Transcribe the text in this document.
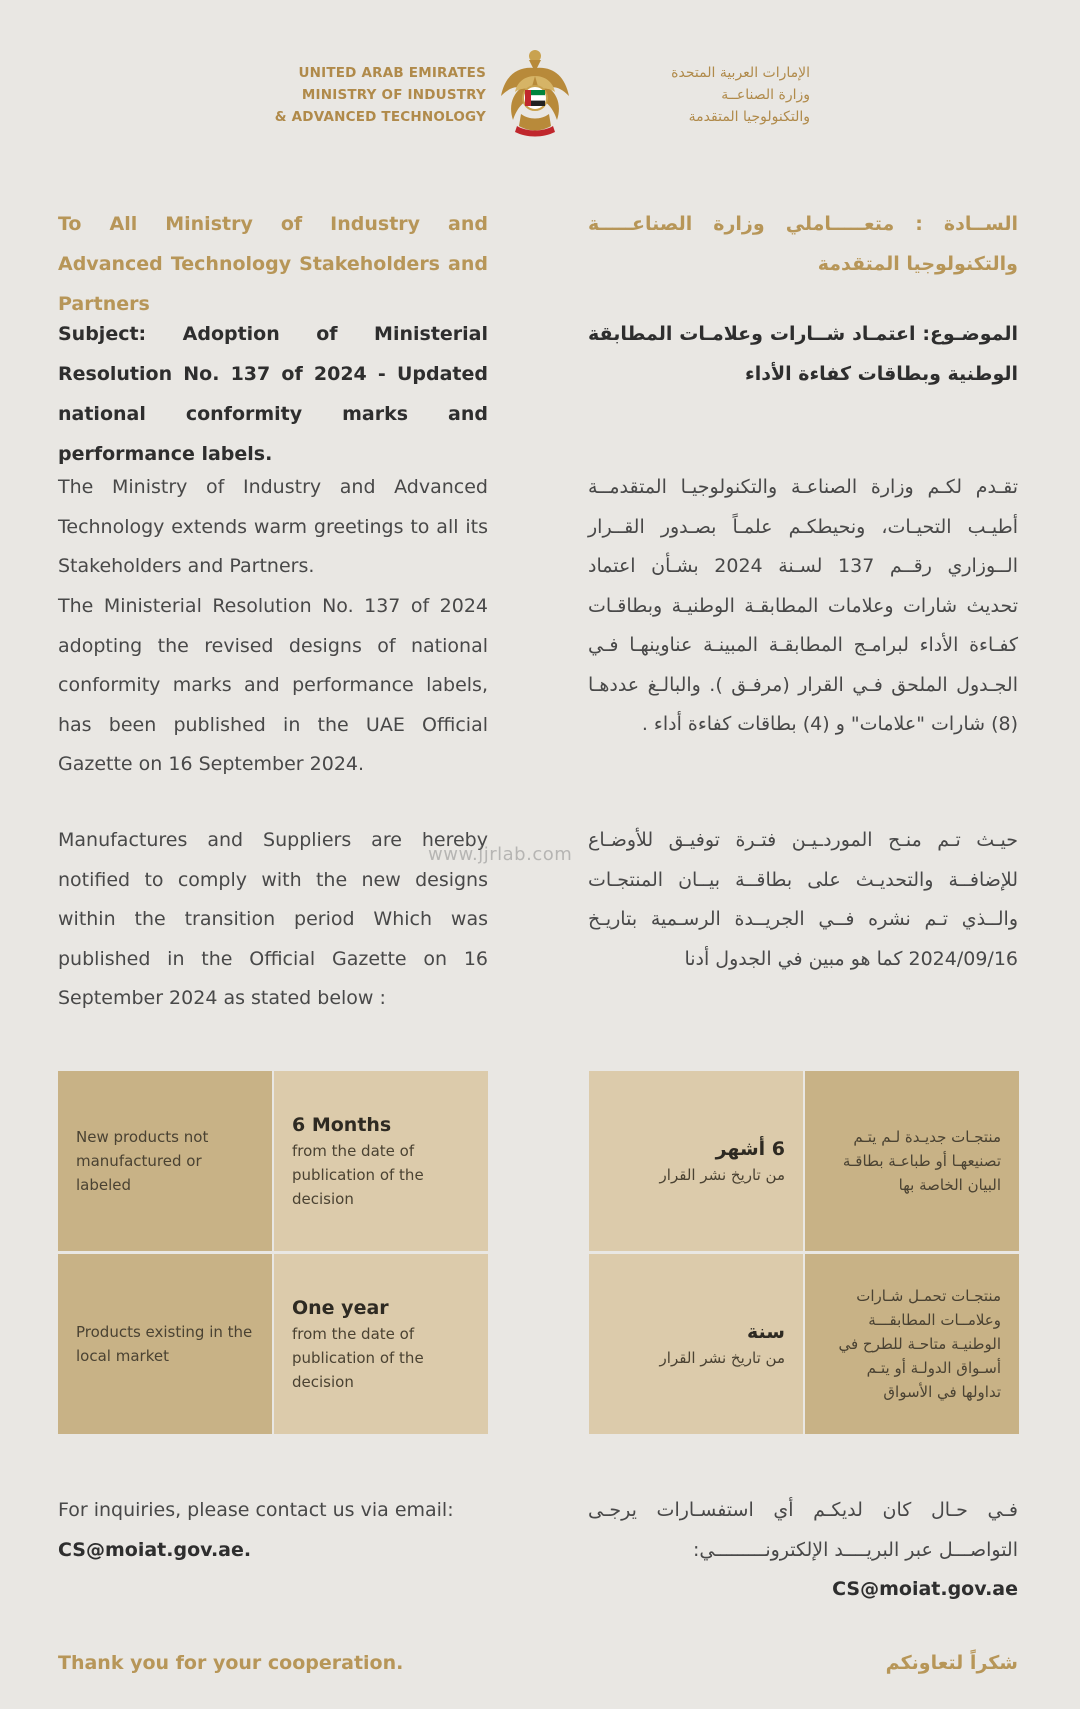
UNITED ARAB EMIRATES
MINISTRY OF INDUSTRY
& ADVANCED TECHNOLOGY
الإمارات العربية المتحدة
وزارة الصناعــة
والتكنولوجيا المتقدمة
To All Ministry of Industry and Advanced Technology Stakeholders and Partners
Subject: Adoption of Ministerial Resolution No. 137 of 2024 - Updated national conformity marks and performance labels.
The Ministry of Industry and Advanced Technology extends warm greetings to all its Stakeholders and Partners.
The Ministerial Resolution No. 137 of 2024 adopting the revised designs of national conformity marks and performance labels, has been published in the UAE Official Gazette on 16 September 2024.
Manufactures and Suppliers are hereby notified to comply with the new designs within the transition period Which was published in the Official Gazette on 16 September 2024 as stated below :
الســادة : متعـــــاملي وزارة الصناعـــــة والتكنولوجيا المتقدمة
الموضـوع: اعتمـاد شــارات وعلامـات المطابقة الوطنية وبطاقات كفاءة الأداء
تقـدم لكـم وزارة الصناعـة والتكنولوجيـا المتقدمــة أطيـب التحيـات، ونحيطكـم علمـاً بصـدور القــرار الــوزاري رقــم 137 لسـنة 2024 بشـأن اعتماد تحديث شارات وعلامات المطابقـة الوطنيـة وبطاقـات كفـاءة الأداء لبرامـج المطابقـة المبينـة عناوينهـا فـي الجـدول الملحق فـي القرار (مرفـق ). والبالـغ عددهـا (8) شارات "علامات" و (4) بطاقات كفاءة أداء .
حيـث تـم منـح الموردـيـن فتـرة توفيـق للأوضـاع للإضافــة والتحديـث على بطاقــة بيــان المنتجـات والــذي تـم نشره فــي الجريــدة الرسـمية بتاريـخ 2024/09/16 كما هو مبين في الجدول أدنا
www.jjrlab.com
New products not manufactured or labeled
6 Months
from the date of publication of the decision
Products existing in the local market
One year
from the date of publication of the decision
6 أشهر
من تاريخ نشر القرار
منتجـات جديـدة لـم يتـم تصنيعهـا أو طباعـة بطاقـة البيان الخاصة بها
سنة
من تاريخ نشر القرار
منتجـات تحمـل شـارات وعلامــات المطابقـــة الوطنيـة متاحـة للطرح في أسـواق الدولـة أو يتـم تداولها في الأسواق
For inquiries, please contact us via email:
CS@moiat.gov.ae.
فـي حـال كان لديكـم أي استفسـارات يرجـى التواصـــل عبر البريــــد الإلكترونـــــــــي:
CS@moiat.gov.ae
Thank you for your cooperation.	شكراً لتعاونكم
